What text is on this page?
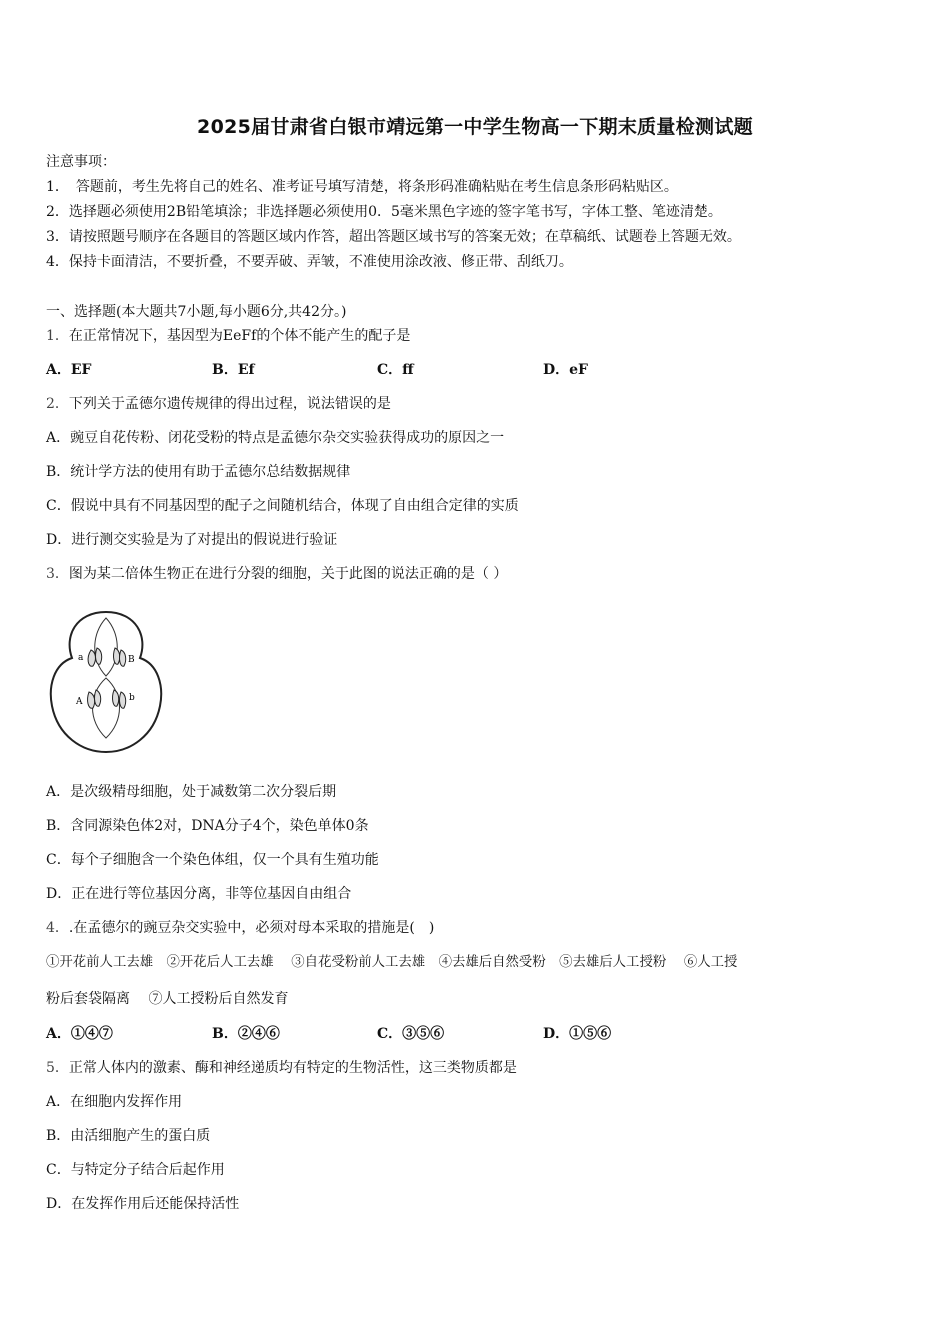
2025届甘肃省白银市靖远第一中学生物高一下期末质量检测试题
注意事项：
1．　答题前，考生先将自己的姓名、准考证号填写清楚，将条形码准确粘贴在考生信息条形码粘贴区。
2．选择题必须使用2B铅笔填涂；非选择题必须使用0．5毫米黑色字迹的签字笔书写，字体工整、笔迹清楚。
3．请按照题号顺序在各题目的答题区域内作答，超出答题区域书写的答案无效；在草稿纸、试题卷上答题无效。
4．保持卡面清洁，不要折叠，不要弄破、弄皱，不准使用涂改液、修正带、刮纸刀。
一、选择题(本大题共7小题,每小题6分,共42分。)
1．在正常情况下，基因型为EeFf的个体不能产生的配子是
A．EF	B．Ef	C．ff	D．eF
2．下列关于孟德尔遗传规律的得出过程，说法错误的是
A．豌豆自花传粉、闭花受粉的特点是孟德尔杂交实验获得成功的原因之一
B．统计学方法的使用有助于孟德尔总结数据规律
C．假说中具有不同基因型的配子之间随机结合，体现了自由组合定律的实质
D．进行测交实验是为了对提出的假说进行验证
3．图为某二倍体生物正在进行分裂的细胞，关于此图的说法正确的是（ ）
a	B
A	b
A．是次级精母细胞，处于减数第二次分裂后期
B．含同源染色体2对，DNA分子4个，染色单体0条
C．每个子细胞含一个染色体组，仅一个具有生殖功能
D．正在进行等位基因分离，非等位基因自由组合
4．.在孟德尔的豌豆杂交实验中，必须对母本采取的措施是(　)
①开花前人工去雄　②开花后人工去雄　 ③自花受粉前人工去雄　④去雄后自然受粉　⑤去雄后人工授粉　 ⑥人工授
粉后套袋隔离　 ⑦人工授粉后自然发育
A．①④⑦	B．②④⑥	C．③⑤⑥	D．①⑤⑥
5．正常人体内的激素、酶和神经递质均有特定的生物活性，这三类物质都是
A．在细胞内发挥作用
B．由活细胞产生的蛋白质
C．与特定分子结合后起作用
D．在发挥作用后还能保持活性
